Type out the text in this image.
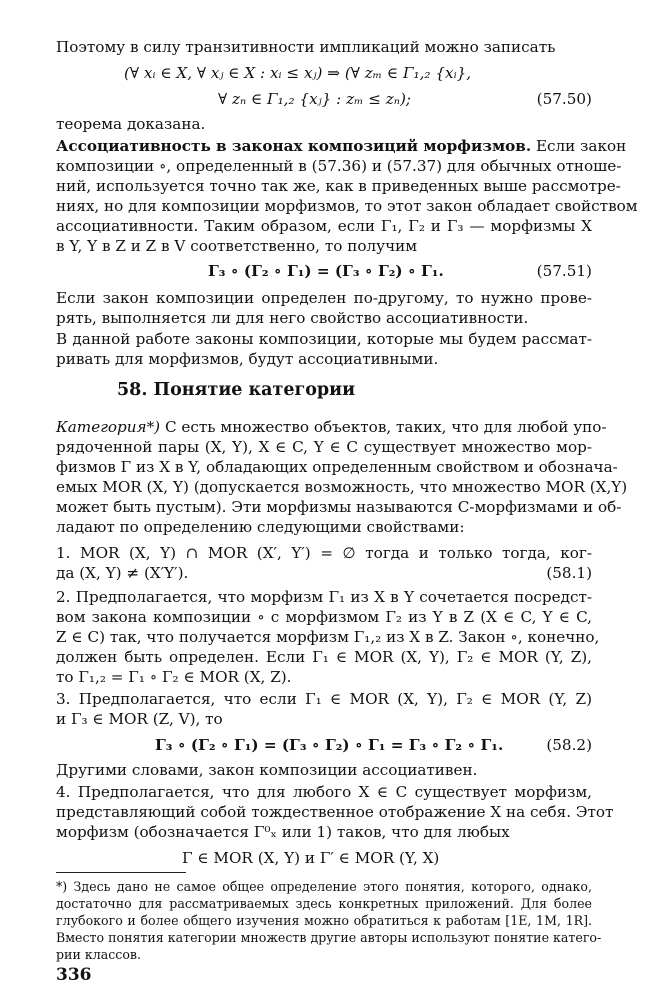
Поэтому в силу транзитивности импликаций можно записать
(∀ xᵢ ∈ X, ∀ xⱼ ∈ X : xᵢ ≤ xⱼ) ⇒ (∀ zₘ ∈ Γ₁,₂ {xᵢ},
∀ zₙ ∈ Γ₁,₂ {xⱼ} : zₘ ≤ zₙ);	(57.50)
теорема доказана.
Ассоциативность в законах композиций морфизмов. Если закон
композиции ∘, определенный в (57.36) и (57.37) для обычных отноше-
ний, используется точно так же, как в приведенных выше рассмотре-
ниях, но для композиции морфизмов, то этот закон обладает свойством
ассоциативности. Таким образом, если Γ₁, Γ₂ и Γ₃ — морфизмы X
в Y, Y в Z и Z в V соответственно, то получим
Γ₃ ∘ (Γ₂ ∘ Γ₁) = (Γ₃ ∘ Γ₂) ∘ Γ₁.	(57.51)
Если закон композиции определен по-другому, то нужно прове-
рять, выполняется ли для него свойство ассоциативности.
В данной работе законы композиции, которые мы будем рассмат-
ривать для морфизмов, будут ассоциативными.
58. Понятие категории
Категория*) C есть множество объектов, таких, что для любой упо-
рядоченной пары (X, Y), X ∈ C, Y ∈ C существует множество мор-
физмов Γ из X в Y, обладающих определенным свойством и обознача-
емых MOR (X, Y) (допускается возможность, что множество MOR (X,Y)
может быть пустым). Эти морфизмы называются C-морфизмами и об-
ладают по определению следующими свойствами:
1. MOR (X, Y) ∩ MOR (X′, Y′) = ∅ тогда и только тогда, ког-
да (X, Y) ≠ (X′Y′).	(58.1)
2. Предполагается, что морфизм Γ₁ из X в Y сочетается посредст-
вом закона композиции ∘ с морфизмом Γ₂ из Y в Z (X ∈ C, Y ∈ C,
Z ∈ C) так, что получается морфизм Γ₁,₂ из X в Z. Закон ∘, конечно,
должен быть определен. Если Γ₁ ∈ MOR (X, Y), Γ₂ ∈ MOR (Y, Z),
то Γ₁,₂ = Γ₁ ∘ Γ₂ ∈ MOR (X, Z).
3. Предполагается, что если Γ₁ ∈ MOR (X, Y), Γ₂ ∈ MOR (Y, Z)
и Γ₃ ∈ MOR (Z, V), то
Γ₃ ∘ (Γ₂ ∘ Γ₁) = (Γ₃ ∘ Γ₂) ∘ Γ₁ = Γ₃ ∘ Γ₂ ∘ Γ₁.	(58.2)
Другими словами, закон композиции ассоциативен.
4. Предполагается, что для любого X ∈ C существует морфизм,
представляющий собой тождественное отображение X на себя. Этот
морфизм (обозначается Γ⁰ₓ или 1) таков, что для любых
Γ ∈ MOR (X, Y) и Γ′ ∈ MOR (Y, X)
*) Здесь дано не самое общее определение этого понятия, которого, однако,
достаточно для рассматриваемых здесь конкретных приложений. Для более
глубокого и более общего изучения можно обратиться к работам [1E, 1M, 1R].
Вместо понятия категории множеств другие авторы используют понятие катего-
рии классов.
336
